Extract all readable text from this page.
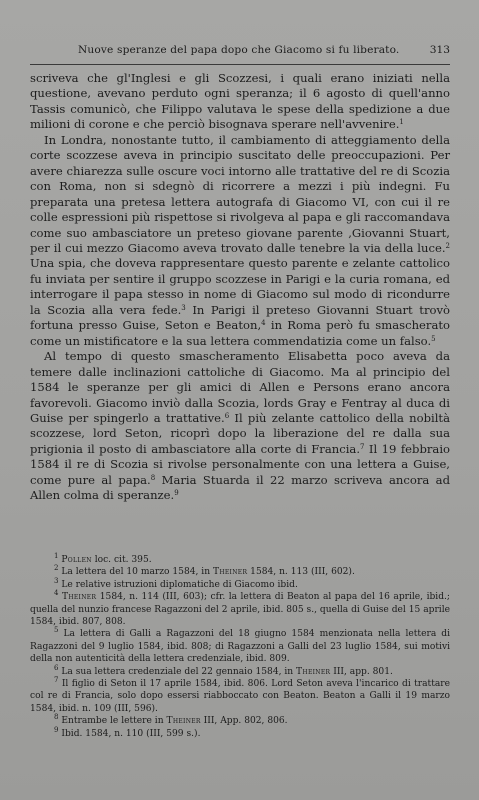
Nuove speranze del papa dopo che Giacomo si fu liberato.	313

scriveva che gl'Inglesi e gli Scozzesi, i quali erano iniziati nella questione, avevano perduto ogni speranza; il 6 agosto di quell'anno Tassis comunicò, che Filippo valutava le spese della spedizione a due milioni di corone e che perciò bisognava sperare nell'avvenire.$^1$

In Londra, nonostante tutto, il cambiamento di atteggiamento della corte scozzese aveva in principio suscitato delle preoccupazioni. Per avere chiarezza sulle oscure voci intorno alle trattative del re di Scozia con Roma, non si sdegnò di ricorrere a mezzi i più indegni. Fu preparata una pretesa lettera autografa di Giacomo VI, con cui il re colle espressioni più rispettose si rivolgeva al papa e gli raccomandava come suo ambasciatore un preteso giovane parente ,Giovanni Stuart, per il cui mezzo Giacomo aveva trovato dalle tenebre la via della luce.$^2$ Una spia, che doveva rappresentare questo parente e zelante cattolico fu inviata per sentire il gruppo scozzese in Parigi e la curia romana, ed interrogare il papa stesso in nome di Giacomo sul modo di ricondurre la Scozia alla vera fede.$^3$ In Parigi il preteso Giovanni Stuart trovò fortuna presso Guise, Seton e Beaton,$^4$ in Roma però fu smascherato come un mistificatore e la sua lettera commendatizia come un falso.$^5$

Al tempo di questo smascheramento Elisabetta poco aveva da temere dalle inclinazioni cattoliche di Giacomo. Ma al principio del 1584 le speranze per gli amici di Allen e Persons erano ancora favorevoli. Giacomo inviò dalla Scozia, lords Gray e Fentray al duca di Guise per spingerlo a trattative.$^6$ Il più zelante cattolico della nobiltà scozzese, lord Seton, ricoprì dopo la liberazione del re dalla sua prigionia il posto di ambasciatore alla corte di Francia.$^7$ Il 19 febbraio 1584 il re di Scozia si rivolse personalmente con una lettera a Guise, come pure al papa.$^8$ Maria Stuarda il 22 marzo scriveva ancora ad Allen colma di speranze.$^9$

$^1$ Pollen loc. cit. 395.

$^2$ La lettera del 10 marzo 1584, in Theiner 1584, n. 113 (III, 602).

$^3$ Le relative istruzioni diplomatiche di Giacomo ibid.

$^4$ Theiner 1584, n. 114 (III, 603); cfr. la lettera di Beaton al papa del 16 aprile, ibid.; quella del nunzio francese Ragazzoni del 2 aprile, ibid. 805 s., quella di Guise del 15 aprile 1584, ibid. 807, 808.

$^5$ La lettera di Galli a Ragazzoni del 18 giugno 1584 menzionata nella lettera di Ragazzoni del 9 luglio 1584, ibid. 808; di Ragazzoni a Galli del 23 luglio 1584, sui motivi della non autenticità della lettera credenziale, ibid. 809.

$^6$ La sua lettera credenziale del 22 gennaio 1584, in Theiner III, app. 801.

$^7$ Il figlio di Seton il 17 aprile 1584, ibid. 806. Lord Seton aveva l'incarico di trattare col re di Francia, solo dopo essersi riabboccato con Beaton. Beaton a Galli il 19 marzo 1584, ibid. n. 109 (III, 596).

$^8$ Entrambe le lettere in Theiner III, App. 802, 806.

$^9$ Ibid. 1584, n. 110 (III, 599 s.).
